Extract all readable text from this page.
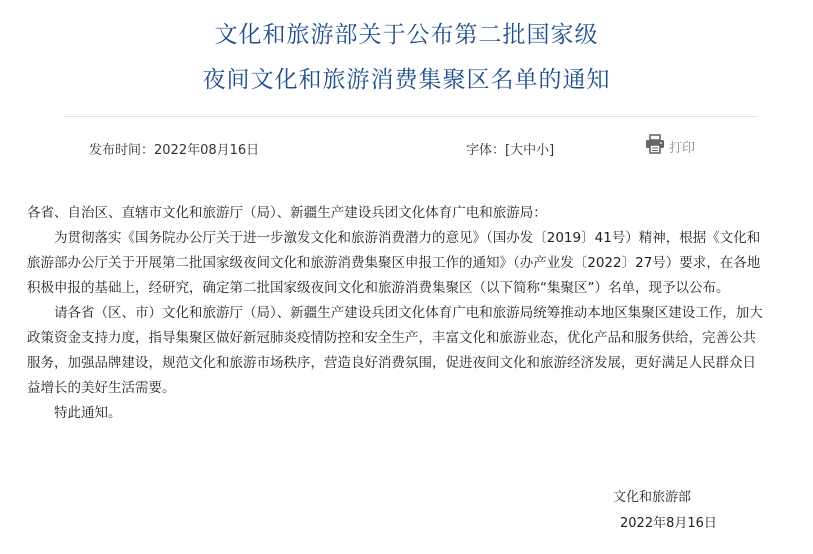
文化和旅游部关于公布第二批国家级
夜间文化和旅游消费集聚区名单的通知
发布时间：2022年08月16日	字体：[大中小]	打印

各省、自治区、直辖市文化和旅游厅（局）、新疆生产建设兵团文化体育广电和旅游局：

为贯彻落实《国务院办公厅关于进一步激发文化和旅游消费潜力的意见》（国办发〔2019〕41号）精神，根据《文化和旅游部办公厅关于开展第二批国家级夜间文化和旅游消费集聚区申报工作的通知》（办产业发〔2022〕27号）要求，在各地积极申报的基础上，经研究，确定第二批国家级夜间文化和旅游消费集聚区（以下简称“集聚区”）名单，现予以公布。

请各省（区、市）文化和旅游厅（局）、新疆生产建设兵团文化体育广电和旅游局统筹推动本地区集聚区建设工作，加大政策资金支持力度，指导集聚区做好新冠肺炎疫情防控和安全生产，丰富文化和旅游业态，优化产品和服务供给，完善公共服务，加强品牌建设，规范文化和旅游市场秩序，营造良好消费氛围，促进夜间文化和旅游经济发展，更好满足人民群众日益增长的美好生活需要。

特此通知。

文化和旅游部
2022年8月16日
